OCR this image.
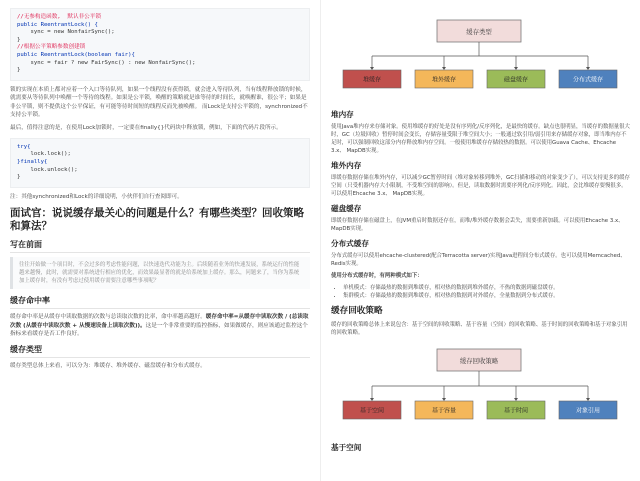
//无参构造函数,  默认非公平锁
public ReentrantLock() {
sync = new NonfairSync();
}
//根据公平策略参数创建锁
public ReentrantLock(boolean fair){
sync = fair ? new FairSync() : new NonfairSync();
}

锁的实现在本质上都对应着一个入口等待队列，如果一个线程没有获得锁，就会进入等待队列，当有线程释放锁的时候，就需要从等待队列中唤醒一个等待的线程。如果是公平锁，唤醒的策略就是谁等待的时间长，就唤醒谁，很公平；如果是非公平锁，则不提供这个公平保证，有可能等待时间短的线程反而先被唤醒。 而Lock是支持公平锁的，synchronized不支持公平锁。

最后，值得注意的是，在使用Lock加锁时，一定要在finally{}代码块中释放锁，例如，下面的代码片段所示。

try{
lock.lock();
}finally{
lock.unlock();
}

注：其他synchronized和Lock的详细说明，小伙伴们自行查阅即可。

面试官：说说缓存最关心的问题是什么？有哪些类型？回收策略和算法？
写在前面
往往开始做一个项目时，不会过多的考虑性能问题，以快速迭代功能为主。后续随着业务的快速发展，系统运行的性能越来越慢，此时，就需要对系统进行相应的优化，而效果最显著的就是给系统加上缓存。那么，问题来了，当你为系统加上缓存时，有没有考虑过使用缓存需要注意哪些事项呢？
缓存命中率

缓存命中率是从缓存中读取数据的次数与总读取次数的比率，命中率越高越好。缓存命中率=从缓存中读取次数 / (总读取次数 (从缓存中读取次数 + 从慢速设备上读取次数))。这是一个非常重要的监控指标，如果做缓存，则应该通过监控这个指标来看缓存是否工作良好。

缓存类型

缓存类型总体上来看，可以分为：堆缓存、堆外缓存、磁盘缓存和分布式缓存。

缓存类型
堆缓存	堆外缓存	磁盘缓存	分布式缓存
堆内存
使用Java堆内存来存储对象。使用堆缓存的好处是没有序列化/反序列化，是最快的缓存。缺点也很明显，当缓存的数据量很大时，GC（垃圾回收）暂停时间会变长，存储容量受限于堆空间大小；一般通过软引用/弱引用来存储缓存对象，即当堆内存不足时，可以强制回收这部分内存释放堆内存空间。一般使用堆缓存存储较热的数据。可以使用Guava Cache、Ehcache 3.x、 MapDB实现。
堆外内存
即缓存数据存储在堆外内存，可以减少GC暂停时间（堆对象转移到堆外，GC扫描和移动的对象变少了），可以支持更多的缓存空间（只受机器内存大小限制，不受堆空间的影响）。但是，读取数据时需要序列化/反序列化。因此，会比堆缓存要慢很多。可以使用Ehcache 3.x、 MapDB实现。
磁盘缓存
即缓存数据存储在磁盘上，在JVM重启时数据还存在，而堆/堆外缓存数据会丢失，需要重新加载。可以使用Ehcache 3.x、 MapDB实现。
分布式缓存
分布式缓存可以使用ehcache-clustered(配合Terracotta server)实现Java进程间分布式缓存。也可以使用Memcached、Redis实现。
使用分布式缓存时，有两种模式如下：
• 单机模式：存储最热的数据到堆缓存，相对热的数据到堆外缓存，不热的数据到磁盘缓存。
• 集群模式：存储最热的数据到堆缓存，相对热的数据到对外缓存，全量数据到分布式缓存。
缓存回收策略
缓存的回收策略总体上来说包含：基于空间的回收策略、基于容量（空间）的回收策略、基于时间的回收策略和基于对象引用的回收策略。
缓存回收策略
基于空间	基于容量	基于时间	对象引用
基于空间
